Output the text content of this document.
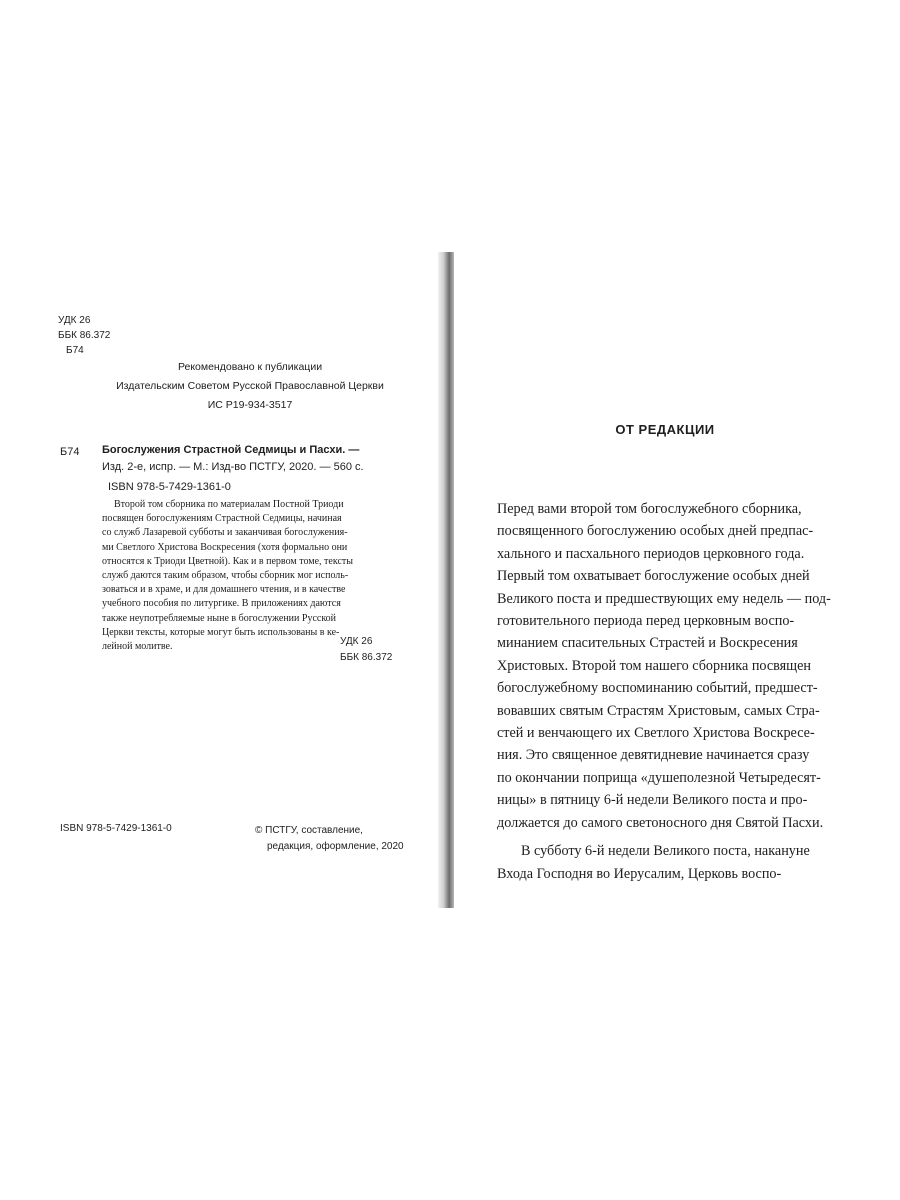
УДК 26
ББК 86.372
Б74
Рекомендовано к публикации
Издательским Советом Русской Православной Церкви
ИС Р19-934-3517
Б74 Богослужения Страстной Седмицы и Пасхи. —
Изд. 2-е, испр. — М.: Изд-во ПСТГУ, 2020. — 560 с.
ISBN 978-5-7429-1361-0
Второй том сборника по материалам Постной Триоди
посвящен богослужениям Страстной Седмицы, начиная
со служб Лазаревой субботы и заканчивая богослужения-
ми Светлого Христова Воскресения (хотя формально они
относятся к Триоди Цветной). Как и в первом томе, тексты
служб даются таким образом, чтобы сборник мог исполь-
зоваться и в храме, и для домашнего чтения, и в качестве
учебного пособия по литургике. В приложениях даются
также неупотребляемые ныне в богослужении Русской
Церкви тексты, которые могут быть использованы в ке-
лейной молитве.	УДК 26
ББК 86.372
ISBN 978-5-7429-1361-0	© ПСТГУ, составление,
редакция, оформление, 2020
ОТ РЕДАКЦИИ
Перед вами второй том богослужебного сборника,
посвященного богослужению особых дней предпас-
хального и пасхального периодов церковного года.
Первый том охватывает богослужение особых дней
Великого поста и предшествующих ему недель — под-
готовительного периода перед церковным воспо-
минанием спасительных Страстей и Воскресения
Христовых. Второй том нашего сборника посвящен
богослужебному воспоминанию событий, предшест-
вовавших святым Страстям Христовым, самых Стра-
стей и венчающего их Светлого Христова Воскресе-
ния. Это священное девятидневие начинается сразу
по окончании поприща «душеполезной Четыредесят-
ницы» в пятницу 6-й недели Великого поста и про-
должается до самого светоносного дня Святой Пасхи.
В субботу 6-й недели Великого поста, накануне
Входа Господня во Иерусалим, Церковь воспо-
